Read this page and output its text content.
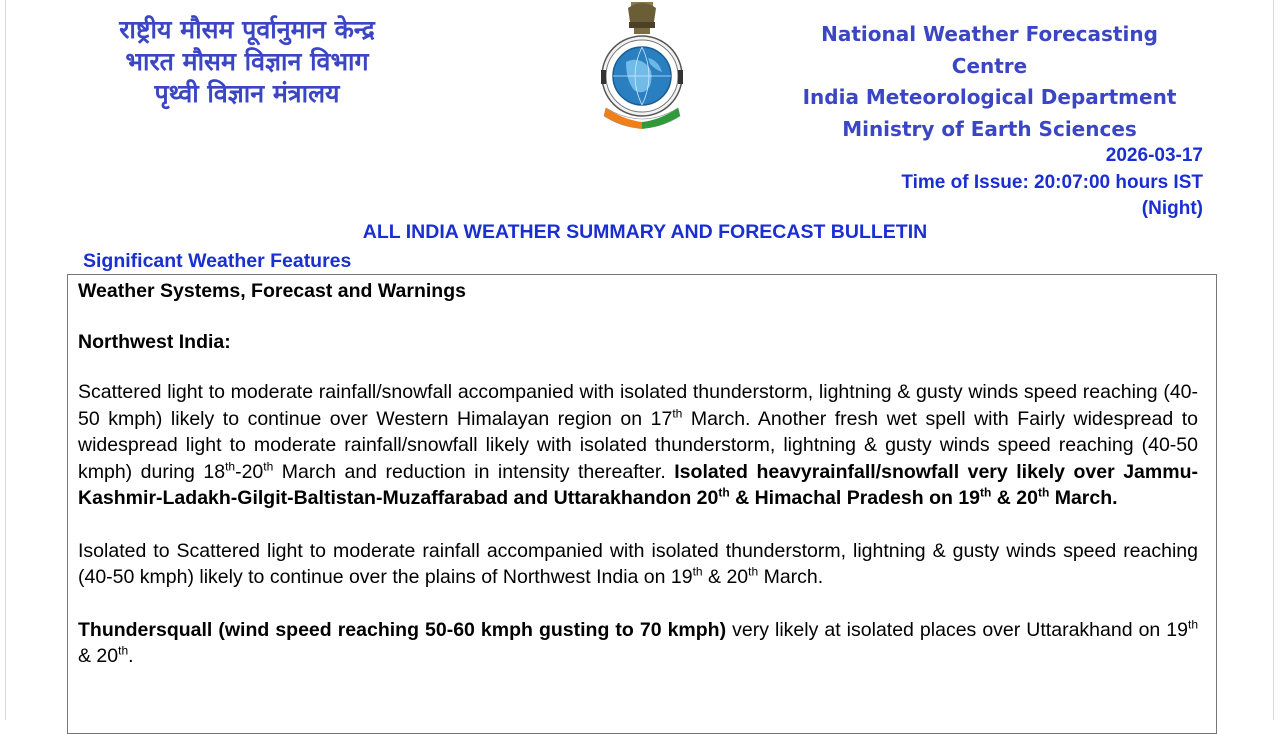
राष्ट्रीय मौसम पूर्वानुमान केन्द्र
भारत मौसम विज्ञान विभाग
पृथ्वी विज्ञान मंत्रालय
National Weather Forecasting Centre
India Meteorological Department
Ministry of Earth Sciences
2026-03-17
Time of Issue: 20:07:00 hours IST
(Night)
ALL INDIA WEATHER SUMMARY AND FORECAST BULLETIN
Significant Weather Features

Weather Systems, Forecast and Warnings

Northwest India:

Scattered light to moderate rainfall/snowfall accompanied with isolated thunderstorm, lightning & gusty winds speed reaching (40-50 kmph) likely to continue over Western Himalayan region on 17th March. Another fresh wet spell with Fairly widespread to widespread light to moderate rainfall/snowfall likely with isolated thunderstorm, lightning & gusty winds speed reaching (40-50 kmph) during 18th-20th March and reduction in intensity thereafter. Isolated heavyrainfall/snowfall very likely over Jammu-Kashmir-Ladakh-Gilgit-Baltistan-Muzaffarabad and Uttarakhandon 20th & Himachal Pradesh on 19th & 20th March.

Isolated to Scattered light to moderate rainfall accompanied with isolated thunderstorm, lightning & gusty winds speed reaching (40-50 kmph) likely to continue over the plains of Northwest India on 19th & 20th March.

Thundersquall (wind speed reaching 50-60 kmph gusting to 70 kmph) very likely at isolated places over Uttarakhand on 19th & 20th.
